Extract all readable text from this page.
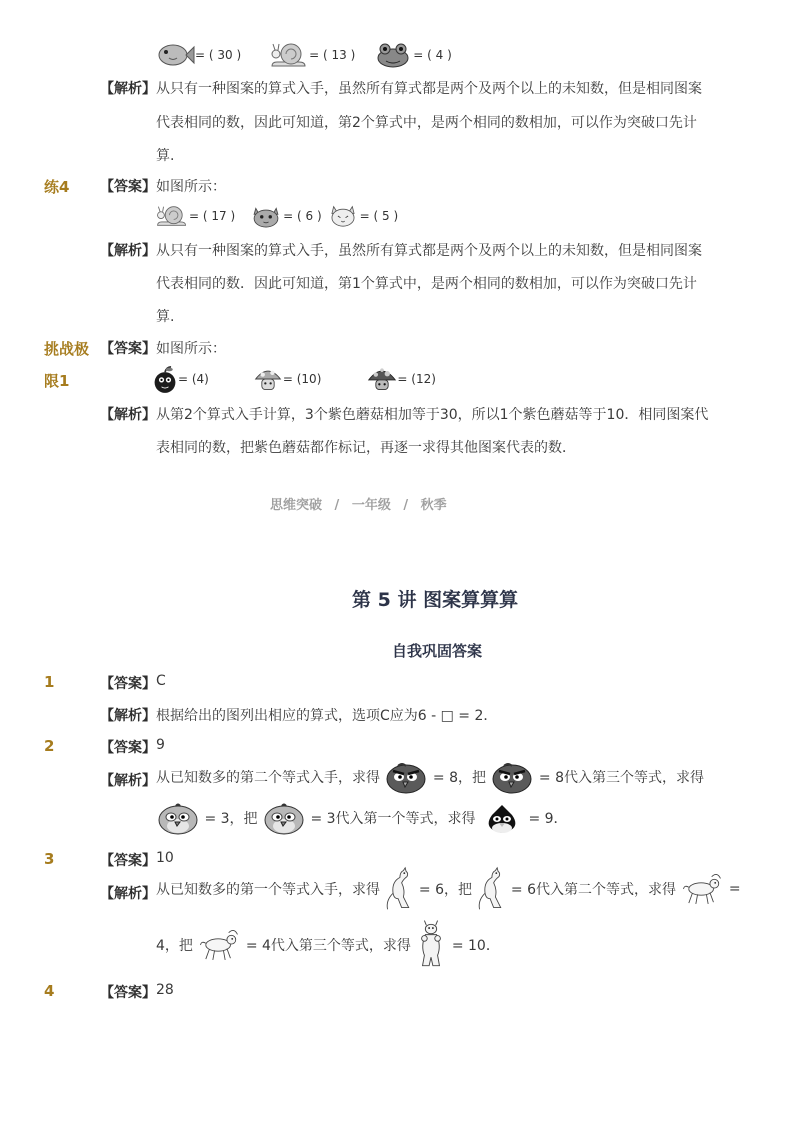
= ( 30 )	= ( 13 )	= ( 4 )
【解析】 从只有一种图案的算式入手，虽然所有算式都是两个及两个以上的未知数，但是相同图案
代表相同的数，因此可知道，第2个算式中，是两个相同的数相加，可以作为突破口先计
算.
练4 【答案】 如图所示：
= ( 17 )	= ( 6 )	= ( 5 )
【解析】 从只有一种图案的算式入手，虽然所有算式都是两个及两个以上的未知数，但是相同图案
代表相同的数．因此可知道，第1个算式中，是两个相同的数相加，可以作为突破口先计
算.
挑战极
限1
【答案】 如图所示：
= (4)	= (10)	= (12)
【解析】 从第2个算式入手计算，3个紫色蘑菇相加等于30，所以1个紫色蘑菇等于10．相同图案代
表相同的数，把紫色蘑菇都作标记，再逐一求得其他图案代表的数．
思维突破 / 一年级 / 秋季
第 5 讲 图案算算算
自我巩固答案
1	【答案】 C
【解析】 根据给出的图列出相应的算式，选项C应为6 - □ = 2．
2	【答案】 9
【解析】 从已知数多的第二个等式入手，求得	= 8，把	= 8代入第三个等式，求得
= 3，把	= 3代入第一个等式，求得	= 9．
3	【答案】 10
【解析】 从已知数多的第一个等式入手，求得	= 6，把	= 6代入第二个等式，求得	=
4，把	= 4代入第三个等式，求得	= 10．
4	【答案】 28
